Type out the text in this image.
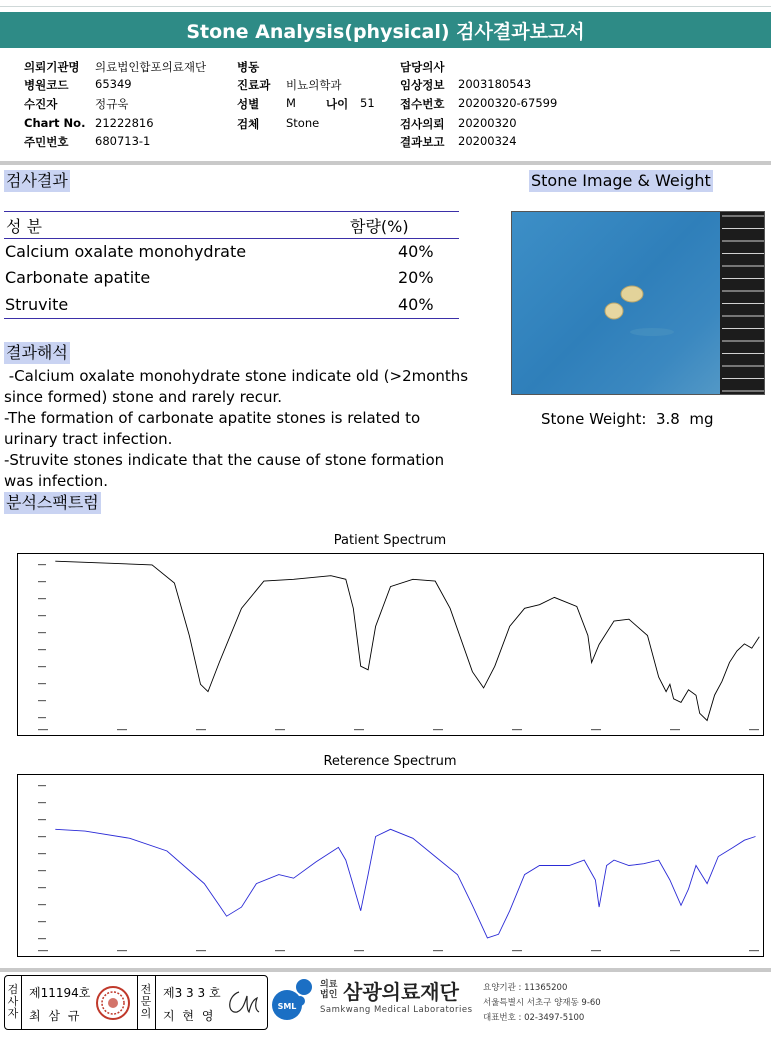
Stone Analysis(physical) 검사결과보고서
의뢰기관명 의료법인합포의료재단
병원코드 65349
수진자	정규욱
Chart No. 21222816
주민번호 680713-1
병동
진료과 비뇨의학과
성별 M	나이 51
검체 Stone
담당의사
임상정보 2003180543
접수번호 20200320-67599
검사의뢰 20200320
결과보고 20200324
검사결과	Stone Image & Weight
성 분	함량(%)
Calcium oxalate monohydrate	40%
Carbonate apatite	20%
Struvite	40%
Stone Weight: 3.8 mg
결과해석
-Calcium oxalate monohydrate stone indicate old (>2months
since formed) stone and rarely recur.
-The formation of carbonate apatite stones is related to
urinary tract infection.
-Struvite stones indicate that the cause of stone formation
was infection.
분석스팩트럼
Patient Spectrum
Reterence Spectrum
검
사
자
제11194호
최 삼 규
전
문
의
제3 3 3 호
지 현 영
SML
의료
법인 삼광의료재단
Samkwang Medical Laboratories
요양기관 : 11365200
서울특별시 서초구 양재동 9-60
대표번호 : 02-3497-5100
